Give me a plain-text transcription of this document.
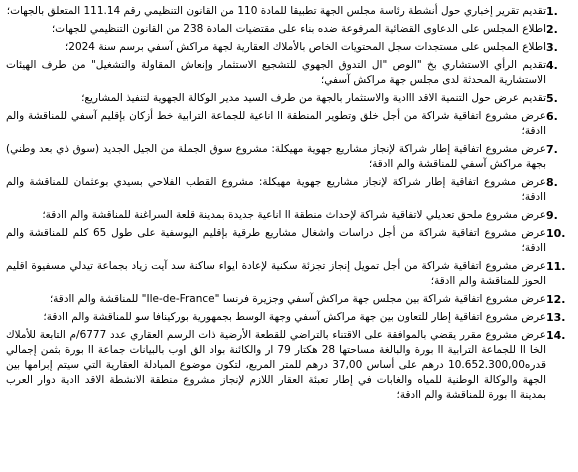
1.
تقديم تقرير إخباري حول أنشطة رئاسة مجلس الجهة تطبيقا للمادة 110 من القانون التنظيمي رقم 111.14 المتعلق بالجهات؛
2.
اطلاع المجلس على الدعاوى القضائية المرفوعة ضده بناء على مقتضيات المادة 238 من القانون التنظيمي للجهات؛
3.
اطلاع المجلس على مستجدات سجل المحتويات الخاص بالأملاك العقارية لجهة مراكش آسفي برسم سنة 2024؛
4.
تقديم الرأي الاستشاري بخ "الوص "ال التدوق الجهوي للتشجيع الاستثمار وإنعاش المقاولة والتشغيل" من طرف الهيئات الاستشارية المحدثة لدى مجلس جهة مراكش آسفي؛
5.
تقديم عرض حول التنمية الاقد ااادية والاستثمار بالجهة من طرف السيد مدير الوكالة الجهوية لتنفيذ المشاريع؛
6.
عرض مشروع اتفاقية شراكة من أجل خلق وتطوير المنطقة اا اناعية للجماعة الترابية خط أزكان بإقليم آسفي للمناقشة والم اادقة؛
7.
عرض مشروع اتفاقية إطار شراكة لإنجاز مشاريع جهوية مهيكلة: مشروع سوق الجملة من الجيل الجديد (سوق ذي بعد وطني) بجهة مراكش آسفي للمناقشة والم اادقة؛
8.
عرض مشروع اتفاقية إطار شراكة لإنجاز مشاريع جهوية مهيكلة: مشروع القطب الفلاحي بسيدي بوعثمان للمناقشة والم اادقة؛
9.
عرض مشروع ملحق تعديلي لاتفاقية شراكة لإحداث منطقة اا اناعية جديدة بمدينة قلعة السراغنة للمناقشة والم اادقة؛
10.
عرض مشروع اتفاقية شراكة من أجل دراسات واشغال مشاريع طرقية بإقليم اليوسفية على طول 65 كلم للمناقشة والم اادقة؛
11.
عرض مشروع اتفاقية شراكة من أجل تمويل إنجاز تجزئة سكنية لإعادة ايواء ساكنة سد آيت زياد بجماعة تيدلي مسفيوة اقليم الحوز للمناقشة والم اادقة؛
12.
عرض مشروع اتفاقية شراكة بين مجلس جهة مراكش آسفي وجزيرة فرنسا "Ile-de-France" للمناقشة والم اادقة؛
13.
عرض مشروع اتفاقية إطار للتعاون بين جهة مراكش آسفي وجهة الوسط بجمهورية بوركينافا سو للمناقشة والم اادقة؛
14.
عرض مشروع مقرر يقضي بالموافقة على الاقتناء بالتراضي للقطعة الأرضية ذات الرسم العقاري عدد 6777/م التابعة للأملاك الخا اا للجماعة الترابية اا بورة والبالغة مساحتها 28 هكتار 79 ار والكائنة بواد الق اوب بالبيانات جماعة اا بورة بثمن إجمالي قدره10.652.300,00 درهم على أساس 37,00 درهم للمتر المربع، لتكون موضوع المبادلة العقارية التي سيتم إبرامها بين الجهة والوكالة الوطنية للمياه والغابات في إطار تعبئة العقار اللازم لإنجاز مشروع منطقة الانشطة الاقد اادية دوار العرب بمدينة اا بورة للمناقشة والم اادقة؛
